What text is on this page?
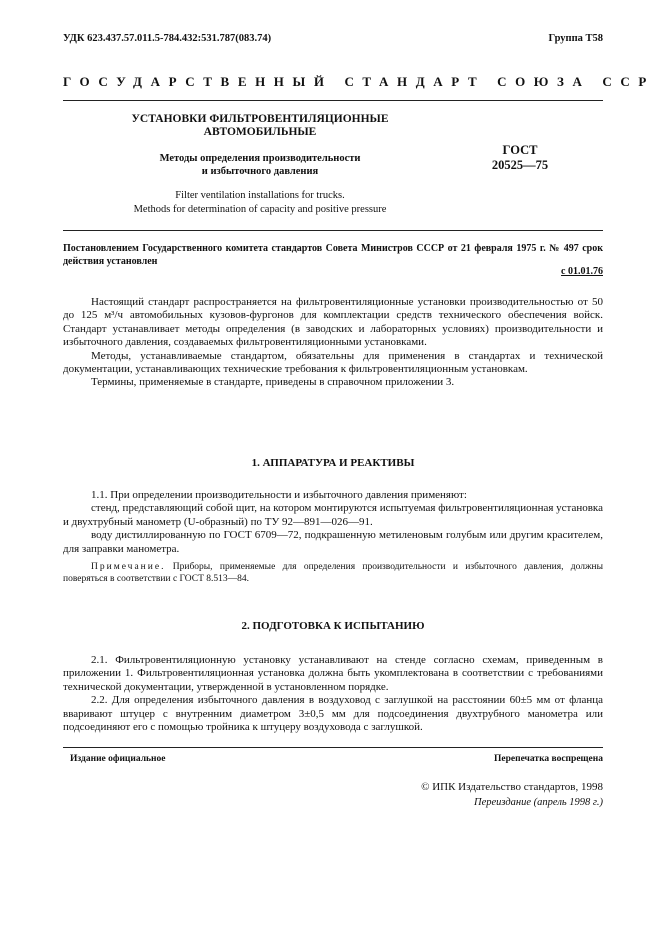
УДК 623.437.57.011.5-784.432:531.787(083.74)	Группа Т58
ГОСУДАРСТВЕННЫЙ СТАНДАРТ СОЮЗА ССР
УСТАНОВКИ ФИЛЬТРОВЕНТИЛЯЦИОННЫЕ
АВТОМОБИЛЬНЫЕ
Методы определения производительности
и избыточного давления
Filter ventilation installations for trucks.
Methods for determination of capacity and positive pressure
ГОСТ
20525—75
Постановлением Государственного комитета стандартов Совета Министров СССР от 21 февраля 1975 г. № 497 срок действия установлен
с 01.01.76

Настоящий стандарт распространяется на фильтровентиляционные установки производительностью от 50 до 125 м³/ч автомобильных кузовов-фургонов для комплектации средств технического обеспечения войск. Стандарт устанавливает методы определения (в заводских и лабораторных условиях) производительности и избыточного давления, создаваемых фильтровентиляционными установками.

Методы, устанавливаемые стандартом, обязательны для применения в стандартах и технической документации, устанавливающих технические требования к фильтровентиляционным установкам.

Термины, применяемые в стандарте, приведены в справочном приложении 3.

1. АППАРАТУРА И РЕАКТИВЫ

1.1. При определении производительности и избыточного давления применяют:

стенд, представляющий собой щит, на котором монтируются испытуемая фильтровентиляционная установка и двухтрубный манометр (U-образный) по ТУ 92—891—026—91.

воду дистиллированную по ГОСТ 6709—72, подкрашенную метиленовым голубым или другим красителем, для заправки манометра.

Примечание. Приборы, применяемые для определения производительности и избыточного давления, должны поверяться в соответствии с ГОСТ 8.513—84.
2. ПОДГОТОВКА К ИСПЫТАНИЮ

2.1. Фильтровентиляционную установку устанавливают на стенде согласно схемам, приведенным в приложении 1. Фильтровентиляционная установка должна быть укомплектована в соответствии с требованиями технической документации, утвержденной в установленном порядке.

2.2. Для определения избыточного давления в воздуховод с заглушкой на расстоянии 60±5 мм от фланца вваривают штуцер с внутренним диаметром 3±0,5 мм для подсоединения двухтрубного манометра или подсоединяют его с помощью тройника к штуцеру воздуховода с заглушкой.

Издание официальное	Перепечатка воспрещена
© ИПК Издательство стандартов, 1998
Переиздание (апрель 1998 г.)
